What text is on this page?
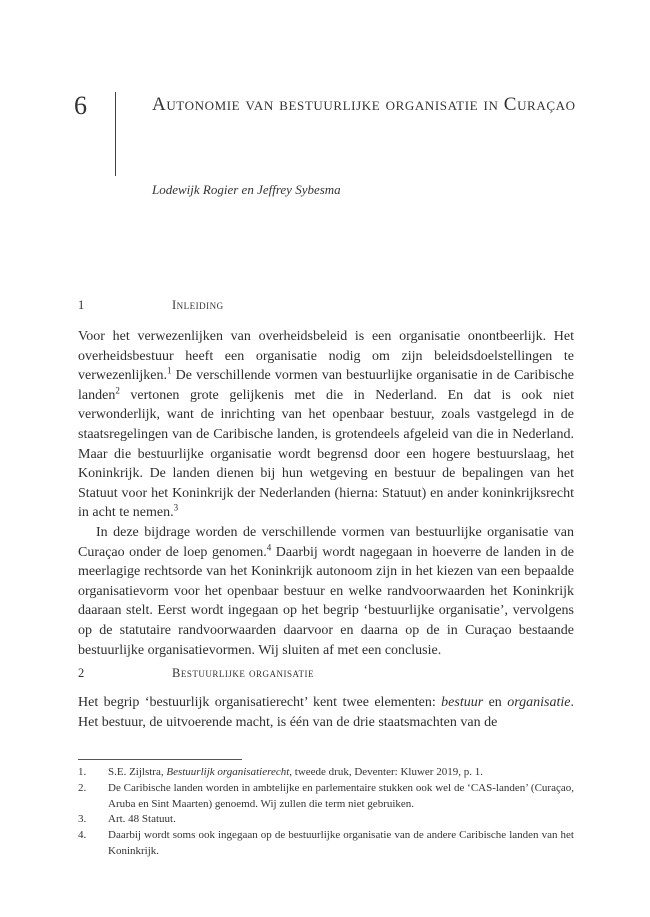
6	Autonomie van bestuurlijke organisatie in Curaçao
Lodewijk Rogier en Jeffrey Sybesma
1	Inleiding

Voor het verwezenlijken van overheidsbeleid is een organisatie onontbeerlijk. Het overheidsbestuur heeft een organisatie nodig om zijn beleidsdoelstellingen te verwezenlijken.$^1$ De verschillende vormen van bestuurlijke organisatie in de Caribische landen$^2$ vertonen grote gelijkenis met die in Nederland. En dat is ook niet verwonderlijk, want de inrichting van het openbaar bestuur, zoals vastgelegd in de staatsregelingen van de Caribische landen, is grotendeels afgeleid van die in Nederland. Maar die bestuurlijke organisatie wordt begrensd door een hogere bestuurslaag, het Koninkrijk. De landen dienen bij hun wetgeving en bestuur de bepalingen van het Statuut voor het Koninkrijk der Nederlanden (hierna: Statuut) en ander koninkrijksrecht in acht te nemen.$^3$

In deze bijdrage worden de verschillende vormen van bestuurlijke organisatie van Curaçao onder de loep genomen.$^4$ Daarbij wordt nagegaan in hoeverre de landen in de meerlagige rechtsorde van het Koninkrijk autonoom zijn in het kiezen van een bepaalde organisatievorm voor het openbaar bestuur en welke randvoorwaarden het Koninkrijk daaraan stelt. Eerst wordt ingegaan op het begrip ‘bestuurlijke organisatie’, vervolgens op de statutaire randvoorwaarden daarvoor en daarna op de in Curaçao bestaande bestuurlijke organisatievormen. Wij sluiten af met een conclusie.

2	Bestuurlijke organisatie

Het begrip ‘bestuurlijk organisatierecht’ kent twee elementen: bestuur en organisatie. Het bestuur, de uitvoerende macht, is één van de drie staatsmachten van de

1. S.E. Zijlstra, Bestuurlijk organisatierecht, tweede druk, Deventer: Kluwer 2019, p. 1.
2. De Caribische landen worden in ambtelijke en parlementaire stukken ook wel de ‘CAS-landen’ (Curaçao, Aruba en Sint Maarten) genoemd. Wij zullen die term niet gebruiken.
3. Art. 48 Statuut.
4. Daarbij wordt soms ook ingegaan op de bestuurlijke organisatie van de andere Caribische landen van het Koninkrijk.
